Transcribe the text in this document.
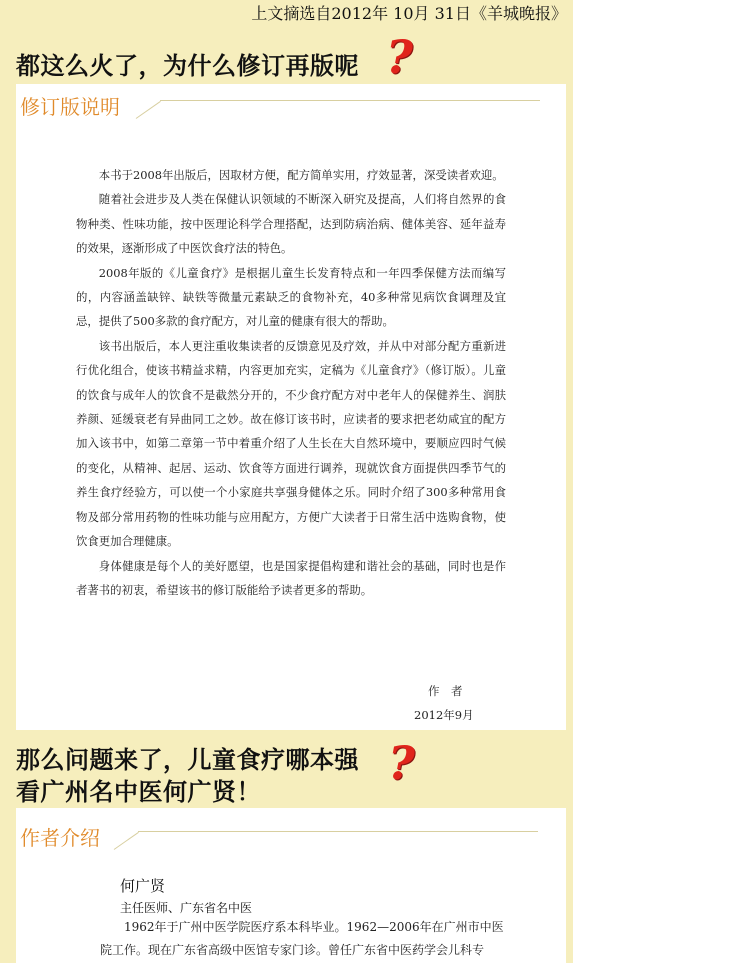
上文摘选自2012年 10月 31日《羊城晚报》
都这么火了，为什么修订再版呢 ?
修订版说明

本书于2008年出版后，因取材方便，配方简单实用，疗效显著，深受读者欢迎。

随着社会进步及人类在保健认识领域的不断深入研究及提高，人们将自然界的食物种类、性味功能，按中医理论科学合理搭配，达到防病治病、健体美容、延年益寿的效果，逐渐形成了中医饮食疗法的特色。

2008年版的《儿童食疗》是根据儿童生长发育特点和一年四季保健方法而编写的，内容涵盖缺锌、缺铁等微量元素缺乏的食物补充，40多种常见病饮食调理及宜忌，提供了500多款的食疗配方，对儿童的健康有很大的帮助。

该书出版后，本人更注重收集读者的反馈意见及疗效，并从中对部分配方重新进行优化组合，使该书精益求精，内容更加充实，定稿为《儿童食疗》（修订版）。儿童的饮食与成年人的饮食不是截然分开的，不少食疗配方对中老年人的保健养生、润肤养颜、延缓衰老有异曲同工之妙。故在修订该书时，应读者的要求把老幼咸宜的配方加入该书中，如第二章第一节中着重介绍了人生长在大自然环境中，要顺应四时气候的变化，从精神、起居、运动、饮食等方面进行调养，现就饮食方面提供四季节气的养生食疗经验方，可以使一个小家庭共享强身健体之乐。同时介绍了300多种常用食物及部分常用药物的性味功能与应用配方，方便广大读者于日常生活中选购食物，使饮食更加合理健康。

身体健康是每个人的美好愿望，也是国家提倡构建和谐社会的基础，同时也是作者著书的初衷，希望该书的修订版能给予读者更多的帮助。

作　者
2012年9月
那么问题来了，儿童食疗哪本强
看广州名中医何广贤！
?
作者介绍
何广贤
主任医师、广东省名中医

1962年于广州中医学院医疗系本科毕业。1962—2006年在广州市中医院工作。现在广东省高级中医馆专家门诊。曾任广东省中医药学会儿科专
